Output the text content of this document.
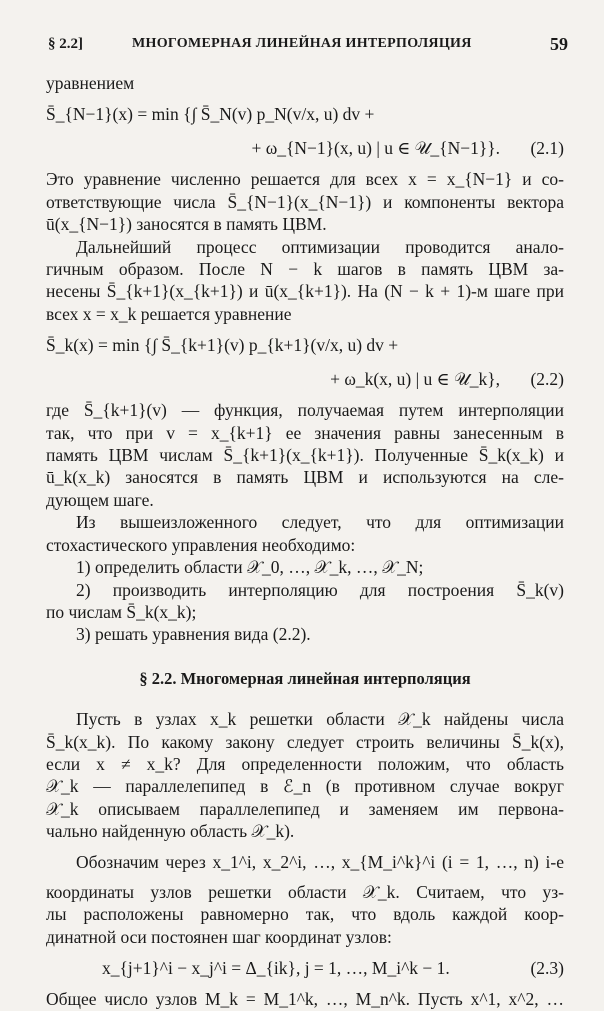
§ 2.2]	МНОГОМЕРНАЯ ЛИНЕЙНАЯ ИНТЕРПОЛЯЦИЯ	59
уравнением
S̄_{N−1}(x) = min {∫ S̄_N(v) p_N(v/x, u) dv +
+ ω_{N−1}(x, u) | u ∈ 𝒰_{N−1}}. (2.1)
Это уравнение численно решается для всех x = x_{N−1} и со-
ответствующие числа S̄_{N−1}(x_{N−1}) и компоненты вектора
ū(x_{N−1}) заносятся в память ЦВМ.
Дальнейший процесс оптимизации проводится анало-
гичным образом. После N − k шагов в память ЦВМ за-
несены S̄_{k+1}(x_{k+1}) и ū(x_{k+1}). На (N − k + 1)-м шаге при
всех x = x_k решается уравнение
S̄_k(x) = min {∫ S̄_{k+1}(v) p_{k+1}(v/x, u) dv +
+ ω_k(x, u) | u ∈ 𝒰_k}, (2.2)
где S̄_{k+1}(v) — функция, получаемая путем интерполяции
так, что при v = x_{k+1} ее значения равны занесенным в
память ЦВМ числам S̄_{k+1}(x_{k+1}). Полученные S̄_k(x_k) и
ū_k(x_k) заносятся в память ЦВМ и используются на сле-
дующем шаге.
Из вышеизложенного следует, что для оптимизации
стохастического управления необходимо:
1) определить области 𝒳_0, …, 𝒳_k, …, 𝒳_N;
2) производить интерполяцию для построения S̄_k(v)
по числам S̄_k(x_k);
3) решать уравнения вида (2.2).
§ 2.2. Многомерная линейная интерполяция
Пусть в узлах x_k решетки области 𝒳_k найдены числа
S̄_k(x_k). По какому закону следует строить величины S̄_k(x),
если x ≠ x_k? Для определенности положим, что область
𝒳_k — параллелепипед в ℰ_n (в противном случае вокруг
𝒳_k описываем параллелепипед и заменяем им первона-
чально найденную область 𝒳_k).
Обозначим через x_1^i, x_2^i, …, x_{M_i^k}^i (i = 1, …, n) i-е
координаты узлов решетки области 𝒳_k. Считаем, что уз-
лы расположены равномерно так, что вдоль каждой коор-
динатной оси постоянен шаг координат узлов:
x_{j+1}^i − x_j^i = Δ_{ik}, j = 1, …, M_i^k − 1.	(2.3)
Общее число узлов M_k = M_1^k, …, M_n^k. Пусть x^1, x^2, …
